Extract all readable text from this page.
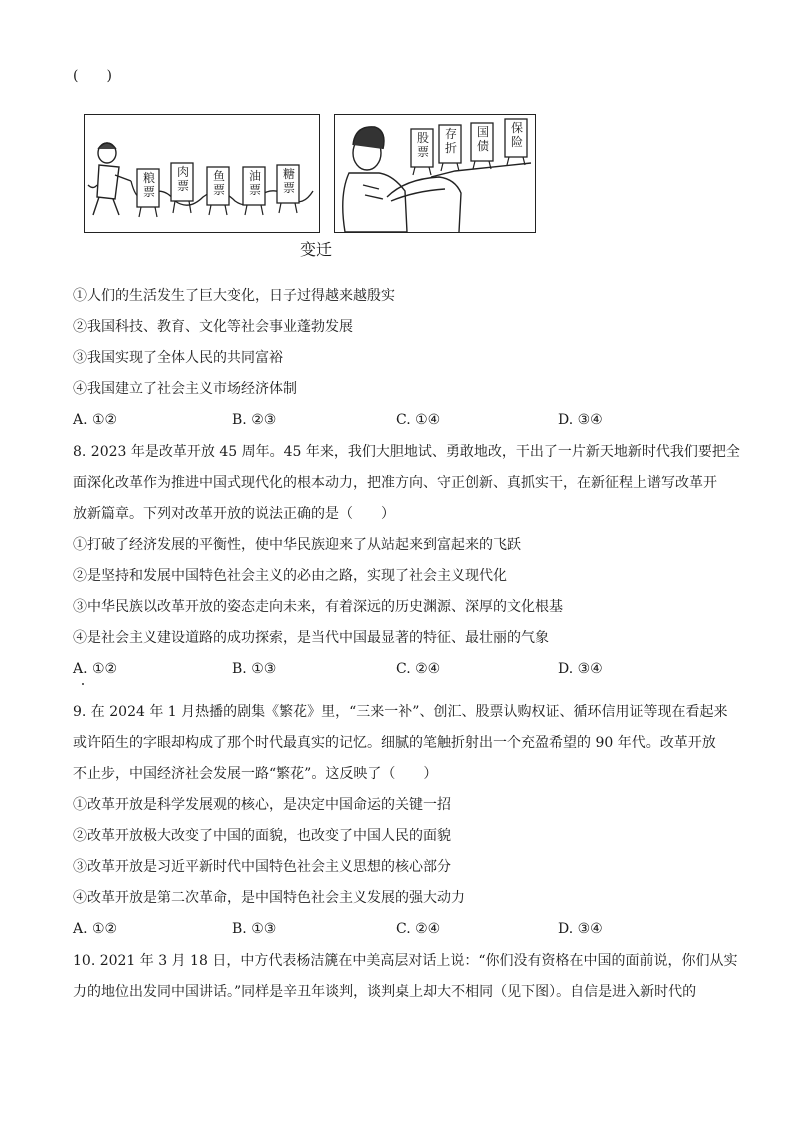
(　　)
粮票
肉票
鱼票
油票
糖票
股票
存折
国债
保险
变迁
①人们的生活发生了巨大变化，日子过得越来越殷实
②我国科技、教育、文化等社会事业蓬勃发展
③我国实现了全体人民的共同富裕
④我国建立了社会主义市场经济体制
A. ①②	B. ②③	C. ①④	D. ③④
8. 2023 年是改革开放 45 周年。45 年来，我们大胆地试、勇敢地改，干出了一片新天地新时代我们要把全
面深化改革作为推进中国式现代化的根本动力，把准方向、守正创新、真抓实干，在新征程上谱写改革开
放新篇章。下列对改革开放的说法正确的是（　　）
①打破了经济发展的平衡性，使中华民族迎来了从站起来到富起来的飞跃
②是坚持和发展中国特色社会主义的必由之路，实现了社会主义现代化
③中华民族以改革开放的姿态走向未来，有着深远的历史渊源、深厚的文化根基
④是社会主义建设道路的成功探索，是当代中国最显著的特征、最壮丽的气象
A. ①②	B. ①③	C. ②④	D. ③④
9. 在 2024 年 1 月热播的剧集《繁花》里，“三来一补”、创汇、股票认购权证、循环信用证等现在看起来
或许陌生的字眼却构成了那个时代最真实的记忆。细腻的笔触折射出一个充盈希望的 90 年代。改革开放
不止步，中国经济社会发展一路“繁花”。这反映了（　　）
①改革开放是科学发展观的核心，是决定中国命运的关键一招
②改革开放极大改变了中国的面貌，也改变了中国人民的面貌
③改革开放是习近平新时代中国特色社会主义思想的核心部分
④改革开放是第二次革命，是中国特色社会主义发展的强大动力
A. ①②	B. ①③	C. ②④	D. ③④
10. 2021 年 3 月 18 日，中方代表杨洁篪在中美高层对话上说：“你们没有资格在中国的面前说，你们从实
力的地位出发同中国讲话。”同样是辛丑年谈判，谈判桌上却大不相同（见下图）。自信是进入新时代的
